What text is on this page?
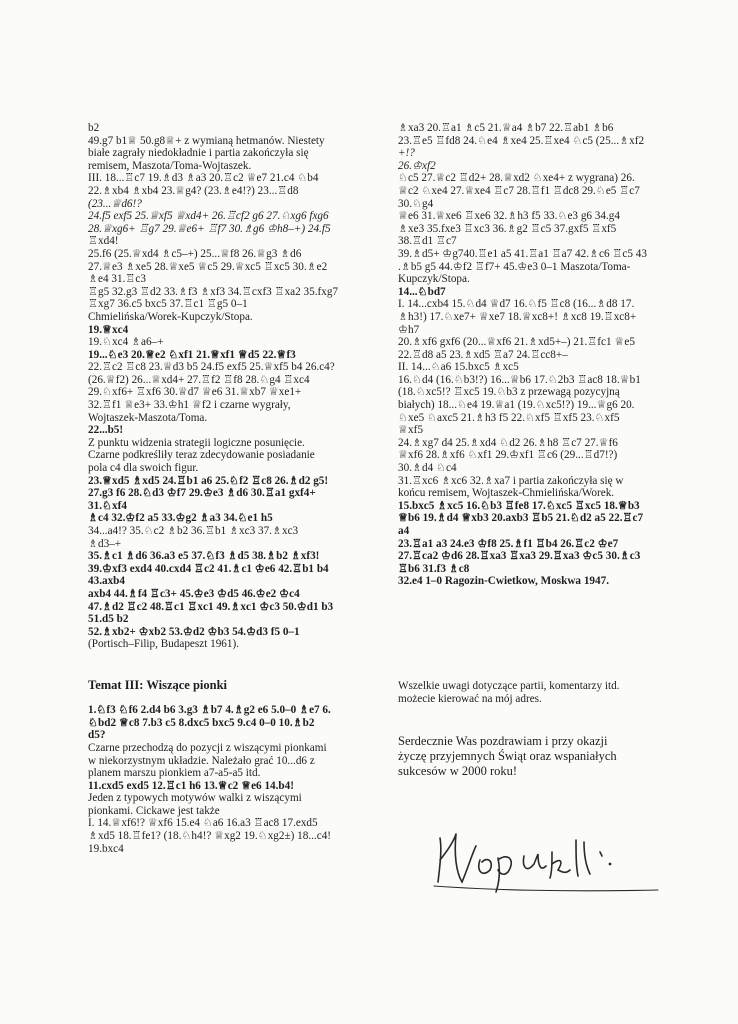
b2
49.g7 b1♕ 50.g8♕+ z wymianą hetmanów. Niestety
białe zagrały niedokładnie i partia zakończyła się
remisem, Maszota/Toma-Wojtaszek.
III. 18...♖c7 19.♗d3 ♗a3 20.♖c2 ♕e7 21.c4 ♘b4
22.♗xb4 ♗xb4 23.♕g4? (23.♗e4!?) 23...♖d8
(23...♕d6!?
24.f5 exf5 25.♕xf5 ♕xd4+ 26.♖cf2 g6 27.♘xg6 fxg6
28.♕xg6+ ♖g7 29.♕e6+ ♖f7 30.♗g6 ♔h8–+) 24.f5
♖xd4!
25.f6 (25.♕xd4 ♗c5–+) 25...♕f8 26.♕g3 ♗d6
27.♕e3 ♗xe5 28.♕xe5 ♕c5 29.♕xc5 ♖xc5 30.♗e2
♗e4 31.♖c3
♖g5 32.g3 ♖d2 33.♗f3 ♗xf3 34.♖cxf3 ♖xa2 35.fxg7
♖xg7 36.c5 bxc5 37.♖c1 ♖g5 0–1
Chmielińska/Worek-Kupczyk/Stopa.
19.♕xc4
19.♘xc4 ♗a6–+
19...♘e3 20.♕e2 ♘xf1 21.♕xf1 ♕d5 22.♕f3
22.♖c2 ♖c8 23.♕d3 b5 24.f5 exf5 25.♕xf5 b4 26.c4?
(26.♕f2) 26...♕xd4+ 27.♖f2 ♖f8 28.♘g4 ♖xc4
29.♘xf6+ ♖xf6 30.♕d7 ♕e6 31.♕xb7 ♕xe1+
32.♖f1 ♕e3+ 33.♔h1 ♕f2 i czarne wygrały,
Wojtaszek-Maszota/Toma.
22...b5!
Z punktu widzenia strategii logiczne posunięcie.
Czarne podkreśliły teraz zdecydowanie posiadanie
pola c4 dla swoich figur.
23.♕xd5 ♗xd5 24.♖b1 a6 25.♘f2 ♖c8 26.♗d2 g5!
27.g3 f6 28.♘d3 ♔f7 29.♔e3 ♗d6 30.♖a1 gxf4+
31.♘xf4
♗c4 32.♔f2 a5 33.♔g2 ♗a3 34.♘e1 h5
34...a4!? 35.♘c2 ♗b2 36.♖b1 ♗xc3 37.♗xc3
♗d3–+
35.♗c1 ♗d6 36.a3 e5 37.♘f3 ♗d5 38.♗b2 ♗xf3!
39.♔xf3 exd4 40.cxd4 ♖c2 41.♗c1 ♔e6 42.♖b1 b4
43.axb4
axb4 44.♗f4 ♖c3+ 45.♔e3 ♔d5 46.♔e2 ♔c4
47.♗d2 ♖c2 48.♖c1 ♖xc1 49.♗xc1 ♔c3 50.♔d1 b3
51.d5 b2
52.♗xb2+ ♔xb2 53.♔d2 ♔b3 54.♔d3 f5 0–1
(Portisch–Filip, Budapeszt 1961).
Temat III: Wiszące pionki
1.♘f3 ♘f6 2.d4 b6 3.g3 ♗b7 4.♗g2 e6 5.0–0 ♗e7 6.
♘bd2 ♕c8 7.b3 c5 8.dxc5 bxc5 9.c4 0–0 10.♗b2
d5?
Czarne przechodzą do pozycji z wiszącymi pionkami
w niekorzystnym układzie. Należało grać 10...d6 z
planem marszu pionkiem a7-a5-a5 itd.
11.cxd5 exd5 12.♖c1 h6 13.♕c2 ♕e6 14.b4!
Jeden z typowych motywów walki z wiszącymi
pionkami. Cickawe jest także
I. 14.♕xf6!? ♕xf6 15.e4 ♘a6 16.a3 ♖ac8 17.exd5
♗xd5 18.♖fe1? (18.♘h4!? ♕xg2 19.♘xg2±) 18...c4!
19.bxc4
♗xa3 20.♖a1 ♗c5 21.♕a4 ♗b7 22.♖ab1 ♗b6
23.♖e5 ♖fd8 24.♘e4 ♗xe4 25.♖xe4 ♘c5 (25...♗xf2
+!?
26.♔xf2
♘c5 27.♕c2 ♖d2+ 28.♕xd2 ♘xe4+ z wygrana) 26.
♕c2 ♘xe4 27.♕xe4 ♖c7 28.♖f1 ♖dc8 29.♘e5 ♖c7
30.♘g4
♕e6 31.♕xe6 ♖xe6 32.♗h3 f5 33.♘e3 g6 34.g4
♗xe3 35.fxe3 ♖xc3 36.♗g2 ♖c5 37.gxf5 ♖xf5
38.♖d1 ♖c7
39.♗d5+ ♔g740.♖e1 a5 41.♖a1 ♖a7 42.♗c6 ♖c5 43
.♗b5 g5 44.♔f2 ♖f7+ 45.♔e3 0–1 Maszota/Toma-
Kupczyk/Stopa.
14...♘bd7
I. 14...cxb4 15.♘d4 ♕d7 16.♘f5 ♖c8 (16...♗d8 17.
♗h3!) 17.♘xe7+ ♕xe7 18.♕xc8+! ♗xc8 19.♖xc8+
♔h7
20.♗xf6 gxf6 (20...♕xf6 21.♗xd5+–) 21.♖fc1 ♕e5
22.♖d8 a5 23.♗xd5 ♖a7 24.♖cc8+–
II. 14...♘a6 15.bxc5 ♗xc5
16.♘d4 (16.♘b3!?) 16...♕b6 17.♘2b3 ♖ac8 18.♕b1
(18.♘xc5!? ♖xc5 19.♘b3 z przewagą pozycyjną
białych) 18...♘e4 19.♕a1 (19.♘xc5!?) 19...♕g6 20.
♘xe5 ♘axc5 21.♗h3 f5 22.♘xf5 ♖xf5 23.♘xf5
♕xf5
24.♗xg7 d4 25.♗xd4 ♘d2 26.♗h8 ♖c7 27.♕f6
♕xf6 28.♗xf6 ♘xf1 29.♔xf1 ♖c6 (29...♖d7!?)
30.♗d4 ♘c4
31.♖xc6 ♗xc6 32.♗xa7 i partia zakończyła się w
końcu remisem, Wojtaszek-Chmielińska/Worek.
15.bxc5 ♗xc5 16.♘b3 ♖fe8 17.♘xc5 ♖xc5 18.♕b3
♕b6 19.♗d4 ♕xb3 20.axb3 ♖b5 21.♘d2 a5 22.♖c7
a4
23.♖a1 a3 24.e3 ♔f8 25.♗f1 ♖b4 26.♖c2 ♔e7
27.♖ca2 ♔d6 28.♖xa3 ♖xa3 29.♖xa3 ♔c5 30.♗c3
♖b6 31.f3 ♗c8
32.e4 1–0 Ragozin-Cwietkow, Moskwa 1947.
Wszelkie uwagi dotyczące partii, komentarzy itd.
możecie kierować na mój adres.
Serdecznie Was pozdrawiam i przy okazji
życzę przyjemnych Świąt oraz wspaniałych
sukcesów w 2000 roku!
